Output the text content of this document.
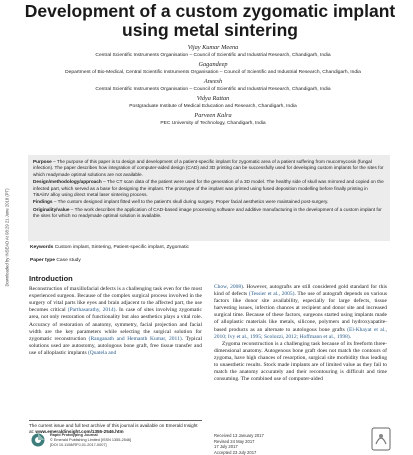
Downloaded by INSEAD At 08:29 21 June 2018 (PT)
Development of a custom zygomatic implant using metal sintering
Vijay Kumar Meena
Central Scientific Instruments Organisation – Council of Scientific and Industrial Research, Chandigarh, India
Gagandeep
Department of Bio-Medical, Central Scientific Instruments Organisation – Council of Scientific and Industrial Research, Chandigarh, India
Aneesh
Central Scientific Instruments Organisation – Council of Scientific and Industrial Research, Chandigarh, India
Vidya Rattan
Postgraduate Institute of Medical Education and Research, Chandigarh, India
Parveen Kalra
PEC University of Technology, Chandigarh, India
Purpose – The purpose of this paper is to design and development of a patient-specific implant for zygomatic area of a patient suffering from mucormycosis (fungal infection). The paper describes how integration of computer-aided design (CAD) and 3D printing can be successfully used for developing custom implants for the sites for which readymade optimal solutions are not available.
Design/methodology/approach – The CT scan data of the patient were used for the generation of a 3D model. The healthy side of skull was mirrored and copied on the infected part, which served as a base for designing the implant. The prototype of the implant was printed using fused deposition modelling before finally printing in Ti6Al4V alloy using direct metal laser sintering process.
Findings – The custom designed implant fitted well to the patient's skull during surgery. Proper facial aesthetics were maintained post-surgery.
Originality/value – The work describes the application of CAD-based image processing software and additive manufacturing in the development of a custom implant for the sites for which no readymade optimal solution is available.
Keywords Custom implant, Sintering, Patient-specific implant, Zygomatic
Paper type Case study
Introduction
Reconstruction of maxillofacial defects is a challenging task even for the most experienced surgeon. Because of the complex surgical process involved in the surgery of vital parts like eyes and brain adjacent to the affected part, the use becomes critical (Parthasarathy, 2014). In case of sites involving zygomatic area, not only restoration of functionality but also aesthetics plays a vital role. Accuracy of restoration of anatomy, symmetry, facial projection and facial width are the key parameters while selecting the surgical solution for zygomatic reconstruction (Ranganath and Hemanth Kumar, 2011). Typical solutions used are autostomy, autologous bone graft, free tissue transfer and use of alloplastic implants (Quatela and
Chow, 2008). However, autografts are still considered gold standard for this kind of defects (Tessier et al., 2005). The use of autograft depends on various factors like donor site availability, especially for large defects, tissue harvesting issues, infection chances at recipient and donor site and increased surgical time. Because of these factors, surgeons started using implants made of alloplastic materials like metals, silicone, polymers and hydroxyapatite-based products as an alternate to autologous bone grafts (El-Khayat et al., 2010; Ivy et al., 1995; Scolozzi, 2012; Hoffmann et al., 1998).
Zygoma reconstruction is a challenging task because of its freeform three-dimensional anatomy. Autogenous bone graft does not match the contours of zygoma, have high chances of resorption, surgical site morbidity thus leading to unaesthetic results. Stock made implants are of limited value as they fail to match the anatomy accurately and their recontouring is difficult and time consuming. The combined use of computer-aided
The current issue and full text archive of this journal is available on Emerald Insight at: www.emeraldinsight.com/1355-2546.htm
Rapid Prototyping Journal
© Emerald Publishing Limited [ISSN 1355-2546]
[DOI 10.1108/RPJ-01-2017-0007]
Received 13 January 2017
Revised 24 May 2017
17 July 2017
Accepted 23 July 2017
